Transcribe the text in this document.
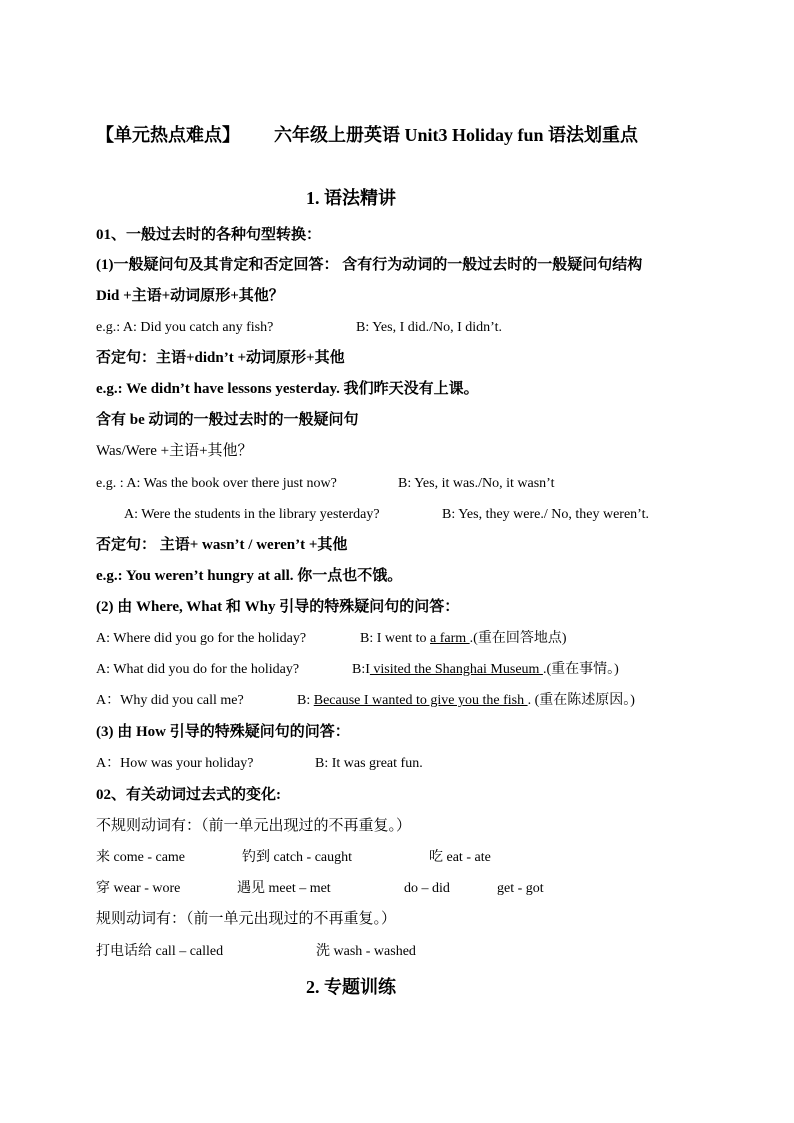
【单元热点难点】 六年级上册英语 Unit3 Holiday fun 语法划重点
1. 语法精讲
01、一般过去时的各种句型转换：
(1)一般疑问句及其肯定和否定回答： 含有行为动词的一般过去时的一般疑问句结构
Did +主语+动词原形+其他？
e.g.: A: Did you catch any fish?	B: Yes, I did./No, I didn’t.
否定句：主语+didn’t +动词原形+其他
e.g.: We didn’t have lessons yesterday. 我们昨天没有上课。
含有 be 动词的一般过去时的一般疑问句
Was/Were +主语+其他？
e.g. : A: Was the book over there just now?	B: Yes, it was./No, it wasn’t
A: Were the students in the library yesterday?	B: Yes, they were./ No, they weren’t.
否定句： 主语+ wasn’t / weren’t +其他
e.g.: You weren’t hungry at all. 你一点也不饿。
(2) 由 Where, What 和 Why 引导的特殊疑问句的问答：
A: Where did you go for the holiday?	B: I went to a farm .(重在回答地点)
A: What did you do for the holiday?	B:I visited the Shanghai Museum .(重在事情。)
A：Why did you call me?	B: Because I wanted to give you the fish . (重在陈述原因。)
(3) 由 How 引导的特殊疑问句的问答：
A：How was your holiday?	B: It was great fun.
02、有关动词过去式的变化:
不规则动词有：（前一单元出现过的不再重复。）
来 come - came	钓到 catch - caught	吃 eat - ate
穿 wear - wore	遇见 meet – met	do – did	get - got
规则动词有：（前一单元出现过的不再重复。）
打电话给 call – called	洗 wash - washed
2. 专题训练
